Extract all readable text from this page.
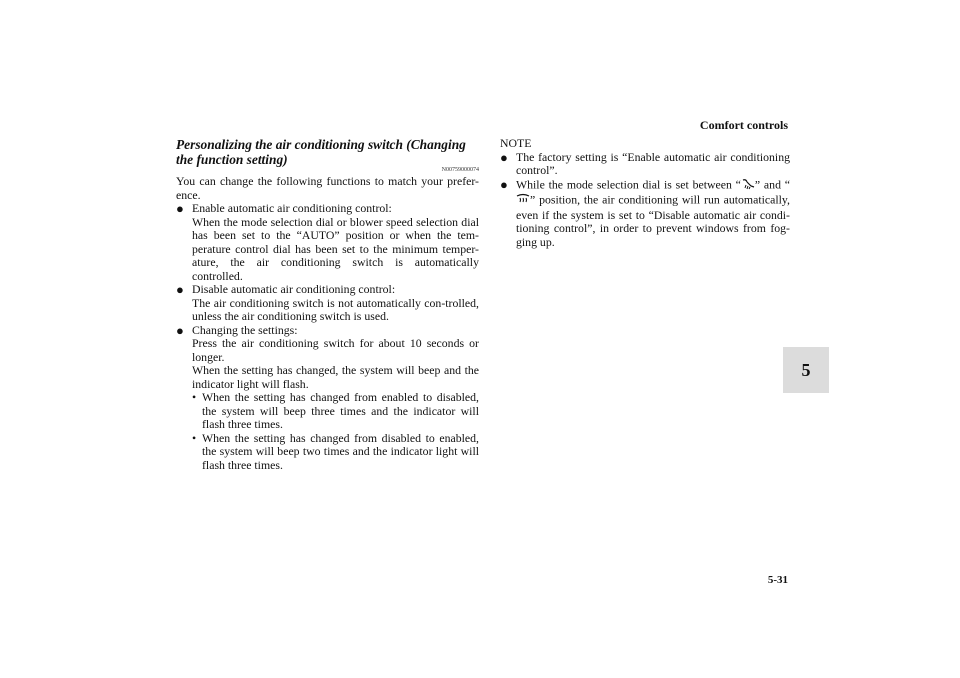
Comfort controls

Personalizing the air conditioning switch (Changing the function setting)

N00759000074

You can change the following functions to match your prefer-ence.

● Enable automatic air conditioning control:

When the mode selection dial or blower speed selection dial has been set to the “AUTO” position or when the tem-perature control dial has been set to the minimum temper-ature, the air conditioning switch is automatically controlled.

● Disable automatic air conditioning control:

The air conditioning switch is not automatically con-trolled, unless the air conditioning switch is used.

● Changing the settings:

Press the air conditioning switch for about 10 seconds or longer.

When the setting has changed, the system will beep and the indicator light will flash.

• When the setting has changed from enabled to disabled, the system will beep three times and the indicator will flash three times.

• When the setting has changed from disabled to enabled, the system will beep two times and the indicator light will flash three times.

NOTE

● The factory setting is “Enable automatic air conditioning control”.

● While the mode selection dial is set between “ ” and “” position, the air conditioning will run automatically, even if the system is set to “Disable automatic air condi-tioning control”, in order to prevent windows from fog-ging up.

5
5-31
